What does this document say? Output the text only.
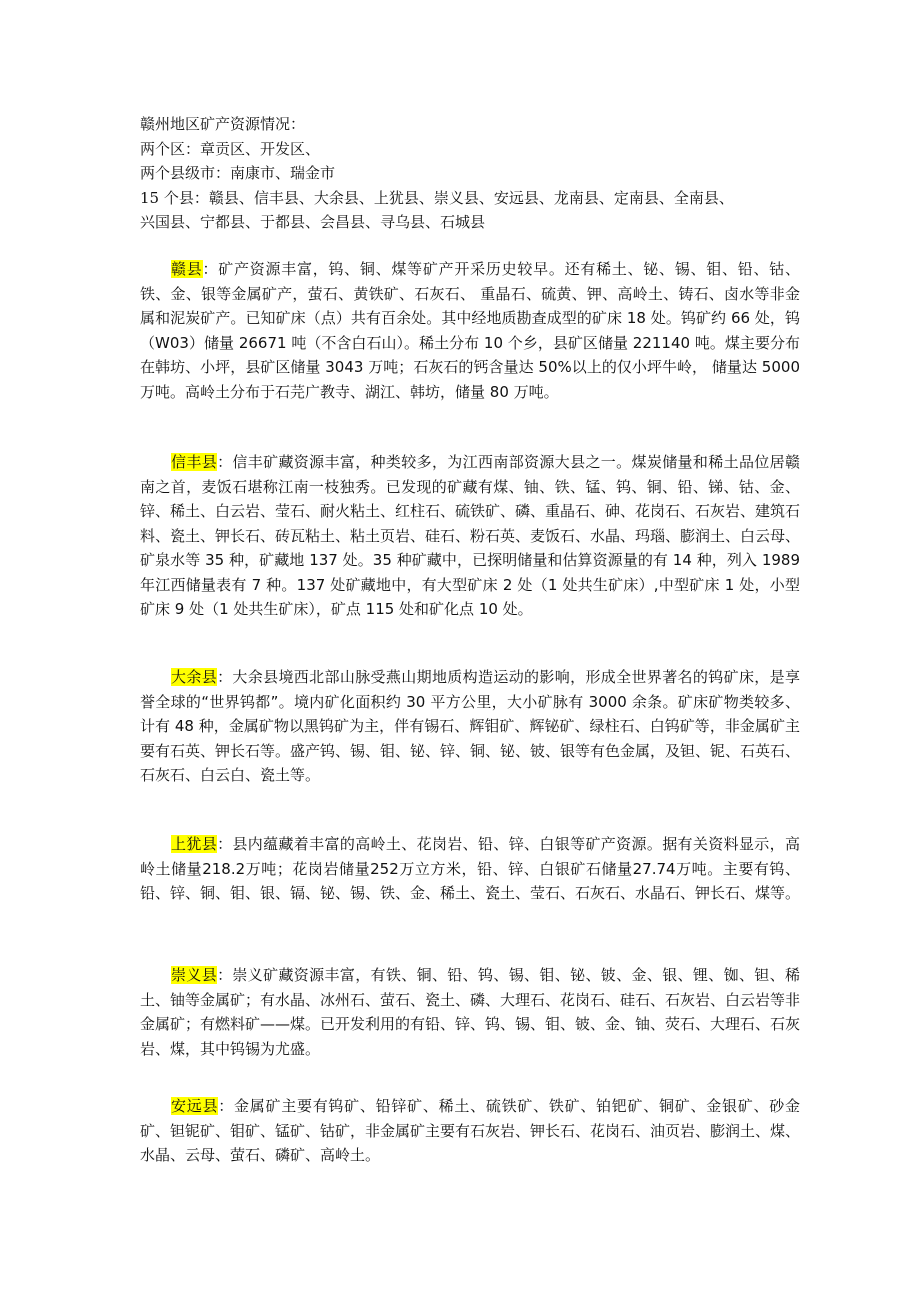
赣州地区矿产资源情况：

两个区：章贡区、开发区、

两个县级市：南康市、瑞金市

15 个县：赣县、信丰县、大余县、上犹县、崇义县、安远县、龙南县、定南县、全南县、

兴国县、宁都县、于都县、会昌县、寻乌县、石城县

赣县：矿产资源丰富，钨、铜、煤等矿产开采历史较早。还有稀土、铋、锡、钼、铅、钴、铁、金、银等金属矿产，萤石、黄铁矿、石灰石、 重晶石、硫黄、钾、高岭土、铸石、卤水等非金属和泥炭矿产。已知矿床（点）共有百余处。其中经地质勘查成型的矿床 18 处。钨矿约 66 处，钨（W03）储量 26671 吨（不含白石山）。稀土分布 10 个乡，县矿区储量 221140 吨。煤主要分布在韩坊、小坪，县矿区储量 3043 万吨；石灰石的钙含量达 50%以上的仅小坪牛岭， 储量达 5000 万吨。高岭土分布于石芫广教寺、湖江、韩坊，储量 80 万吨。

信丰县：信丰矿藏资源丰富，种类较多，为江西南部资源大县之一。煤炭储量和稀土品位居赣南之首，麦饭石堪称江南一枝独秀。已发现的矿藏有煤、铀、铁、锰、钨、铜、铅、锑、钴、金、锌、稀土、白云岩、莹石、耐火粘土、红柱石、硫铁矿、磷、重晶石、砷、花岗石、石灰岩、建筑石料、瓷土、钾长石、砖瓦粘土、粘土页岩、硅石、粉石英、麦饭石、水晶、玛瑙、膨润土、白云母、矿泉水等 35 种，矿藏地 137 处。35 种矿藏中，已探明储量和估算资源量的有 14 种，列入 1989 年江西储量表有 7 种。137 处矿藏地中，有大型矿床 2 处（1 处共生矿床）,中型矿床 1 处，小型矿床 9 处（1 处共生矿床），矿点 115 处和矿化点 10 处。

大余县：大余县境西北部山脉受燕山期地质构造运动的影响，形成全世界著名的钨矿床，是享誉全球的“世界钨都”。境内矿化面积约 30 平方公里，大小矿脉有 3000 余条。矿床矿物类较多、计有 48 种，金属矿物以黑钨矿为主，伴有锡石、辉钼矿、辉铋矿、绿柱石、白钨矿等，非金属矿主要有石英、钾长石等。盛产钨、锡、钼、铋、锌、铜、铋、铍、银等有色金属，及钽、铌、石英石、石灰石、白云白、瓷土等。

上犹县：县内蕴藏着丰富的高岭土、花岗岩、铅、锌、白银等矿产资源。据有关资料显示，高岭土储量218.2万吨；花岗岩储量252万立方米，铅、锌、白银矿石储量27.74万吨。主要有钨、铅、锌、铜、钼、银、镉、铋、锡、铁、金、稀土、瓷土、莹石、石灰石、水晶石、钾长石、煤等。

崇义县：崇义矿藏资源丰富，有铁、铜、铅、钨、锡、钼、铋、铍、金、银、锂、铷、钽、稀土、铀等金属矿；有水晶、冰州石、萤石、瓷土、磷、大理石、花岗石、硅石、石灰岩、白云岩等非金属矿；有燃料矿——煤。已开发利用的有铅、锌、钨、锡、钼、铍、金、铀、荧石、大理石、石灰岩、煤，其中钨锡为尤盛。

安远县：金属矿主要有钨矿、铅锌矿、稀土、硫铁矿、铁矿、铂钯矿、铜矿、金银矿、砂金矿、钽铌矿、钼矿、锰矿、钴矿，非金属矿主要有石灰岩、钾长石、花岗石、油页岩、膨润土、煤、水晶、云母、萤石、磷矿、高岭土。
